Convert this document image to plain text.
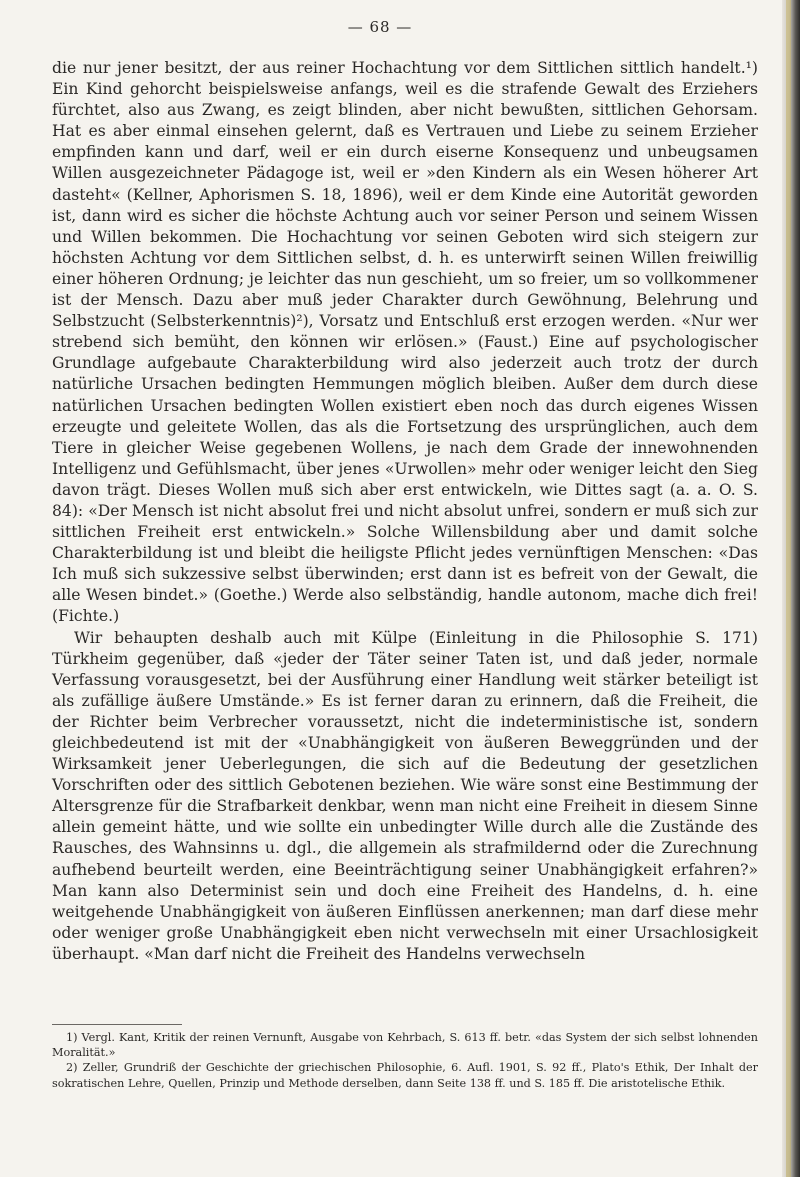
— 68 —

die nur jener besitzt, der aus reiner Hochachtung vor dem Sittlichen sittlich handelt.¹) Ein Kind gehorcht beispielsweise anfangs, weil es die strafende Gewalt des Erziehers fürchtet, also aus Zwang, es zeigt blinden, aber nicht bewußten, sittlichen Gehorsam. Hat es aber einmal einsehen gelernt, daß es Vertrauen und Liebe zu seinem Erzieher empfinden kann und darf, weil er ein durch eiserne Konsequenz und unbeugsamen Willen ausgezeichneter Pädagoge ist, weil er »den Kindern als ein Wesen höherer Art dasteht« (Kellner, Aphorismen S. 18, 1896), weil er dem Kinde eine Autorität geworden ist, dann wird es sicher die höchste Achtung auch vor seiner Person und seinem Wissen und Willen bekommen. Die Hochachtung vor seinen Geboten wird sich steigern zur höchsten Achtung vor dem Sittlichen selbst, d. h. es unterwirft seinen Willen freiwillig einer höheren Ordnung; je leichter das nun geschieht, um so freier, um so vollkommener ist der Mensch. Dazu aber muß jeder Charakter durch Gewöhnung, Belehrung und Selbstzucht (Selbsterkenntnis)²), Vorsatz und Entschluß erst erzogen werden. «Nur wer strebend sich bemüht, den können wir erlösen.» (Faust.) Eine auf psychologischer Grundlage aufgebaute Charakterbildung wird also jederzeit auch trotz der durch natürliche Ursachen bedingten Hemmungen möglich bleiben. Außer dem durch diese natürlichen Ursachen bedingten Wollen existiert eben noch das durch eigenes Wissen erzeugte und geleitete Wollen, das als die Fortsetzung des ursprünglichen, auch dem Tiere in gleicher Weise gegebenen Wollens, je nach dem Grade der innewohnenden Intelligenz und Gefühlsmacht, über jenes «Urwollen» mehr oder weniger leicht den Sieg davon trägt. Dieses Wollen muß sich aber erst entwickeln, wie Dittes sagt (a. a. O. S. 84): «Der Mensch ist nicht absolut frei und nicht absolut unfrei, sondern er muß sich zur sittlichen Freiheit erst entwickeln.» Solche Willensbildung aber und damit solche Charakterbildung ist und bleibt die heiligste Pflicht jedes vernünftigen Menschen: «Das Ich muß sich sukzessive selbst überwinden; erst dann ist es befreit von der Gewalt, die alle Wesen bindet.» (Goethe.) Werde also selbständig, handle autonom, mache dich frei! (Fichte.)

Wir behaupten deshalb auch mit Külpe (Einleitung in die Philosophie S. 171) Türkheim gegenüber, daß «jeder der Täter seiner Taten ist, und daß jeder, normale Verfassung vorausgesetzt, bei der Ausführung einer Handlung weit stärker beteiligt ist als zufällige äußere Umstände.» Es ist ferner daran zu erinnern, daß die Freiheit, die der Richter beim Verbrecher voraussetzt, nicht die indeterministische ist, sondern gleichbedeutend ist mit der «Unabhängigkeit von äußeren Beweggründen und der Wirksamkeit jener Ueberlegungen, die sich auf die Bedeutung der gesetzlichen Vorschriften oder des sittlich Gebotenen beziehen. Wie wäre sonst eine Bestimmung der Altersgrenze für die Strafbarkeit denkbar, wenn man nicht eine Freiheit in diesem Sinne allein gemeint hätte, und wie sollte ein unbedingter Wille durch alle die Zustände des Rausches, des Wahnsinns u. dgl., die allgemein als strafmildernd oder die Zurechnung aufhebend beurteilt werden, eine Beeinträchtigung seiner Unabhängigkeit erfahren?» Man kann also Determinist sein und doch eine Freiheit des Handelns, d. h. eine weitgehende Unabhängigkeit von äußeren Einflüssen anerkennen; man darf diese mehr oder weniger große Unabhängigkeit eben nicht verwechseln mit einer Ursachlosigkeit überhaupt. «Man darf nicht die Freiheit des Handelns verwechseln

1) Vergl. Kant, Kritik der reinen Vernunft, Ausgabe von Kehrbach, S. 613 ff. betr. «das System der sich selbst lohnenden Moralität.»

2) Zeller, Grundriß der Geschichte der griechischen Philosophie, 6. Aufl. 1901, S. 92 ff., Plato's Ethik, Der Inhalt der sokratischen Lehre, Quellen, Prinzip und Methode derselben, dann Seite 138 ff. und S. 185 ff. Die aristotelische Ethik.
